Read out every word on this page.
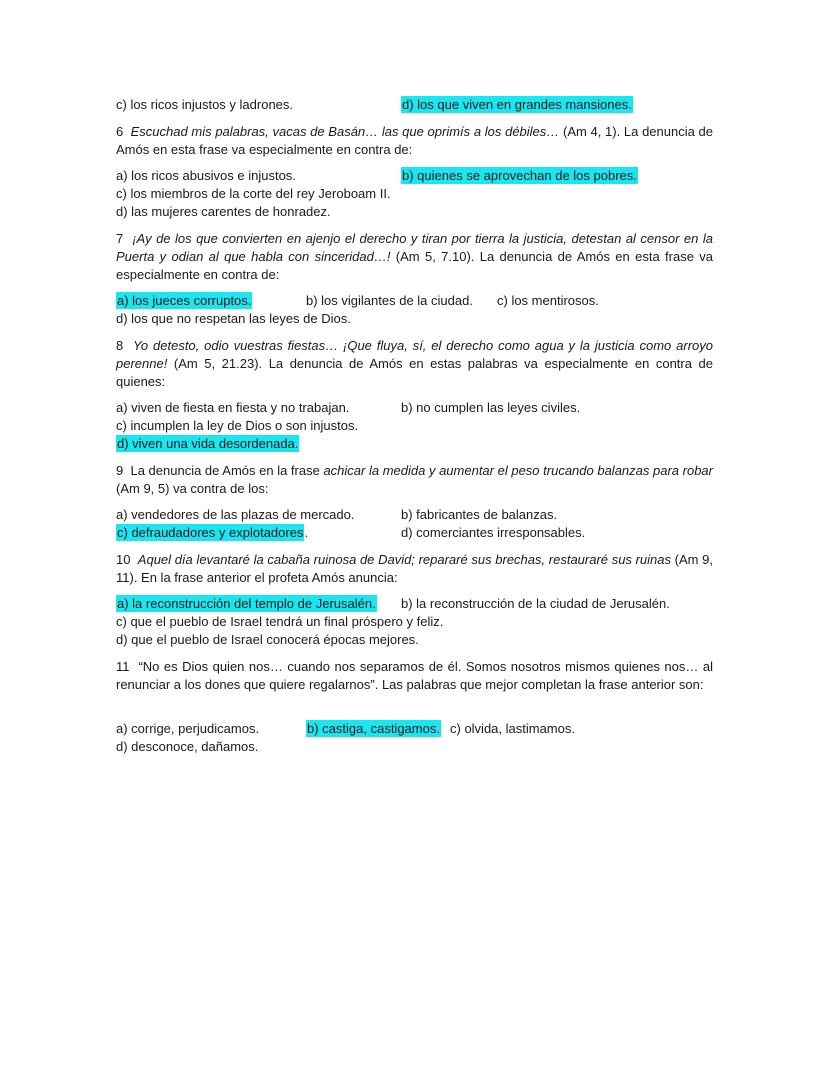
c) los ricos injustos y ladrones.	d) los que viven en grandes mansiones.
6 Escuchad mis palabras, vacas de Basán… las que oprimís a los débiles… (Am 4, 1). La denuncia de Amós en esta frase va especialmente en contra de:
a) los ricos abusivos e injustos.	b) quienes se aprovechan de los pobres.
c) los miembros de la corte del rey Jeroboam II.
d) las mujeres carentes de honradez.
7 ¡Ay de los que convierten en ajenjo el derecho y tiran por tierra la justicia, detestan al censor en la Puerta y odian al que habla con sinceridad…! (Am 5, 7.10). La denuncia de Amós en esta frase va especialmente en contra de:
a) los jueces corruptos.	b) los vigilantes de la ciudad. c) los mentirosos.
d) los que no respetan las leyes de Dios.
8 Yo detesto, odio vuestras fiestas… ¡Que fluya, sí, el derecho como agua y la justicia como arroyo perenne! (Am 5, 21.23). La denuncia de Amós en estas palabras va especialmente en contra de quienes:
a) viven de fiesta en fiesta y no trabajan.	b) no cumplen las leyes civiles.
c) incumplen la ley de Dios o son injustos.
d) viven una vida desordenada.
9 La denuncia de Amós en la frase achicar la medida y aumentar el peso trucando balanzas para robar (Am 9, 5) va contra de los:
a) vendedores de las plazas de mercado.	b) fabricantes de balanzas.
c) defraudadores y explotadores.	d) comerciantes irresponsables.
10 Aquel día levantaré la cabaña ruinosa de David; repararé sus brechas, restauraré sus ruinas (Am 9, 11). En la frase anterior el profeta Amós anuncia:
a) la reconstrucción del templo de Jerusalén. b) la reconstrucción de la ciudad de Jerusalén.
c) que el pueblo de Israel tendrá un final próspero y feliz.
d) que el pueblo de Israel conocerá épocas mejores.
11 “No es Dios quien nos… cuando nos separamos de él. Somos nosotros mismos quienes nos… al renunciar a los dones que quiere regalarnos”. Las palabras que mejor completan la frase anterior son:
a) corrige, perjudicamos.	b) castiga, castigamos. c) olvida, lastimamos.
d) desconoce, dañamos.
